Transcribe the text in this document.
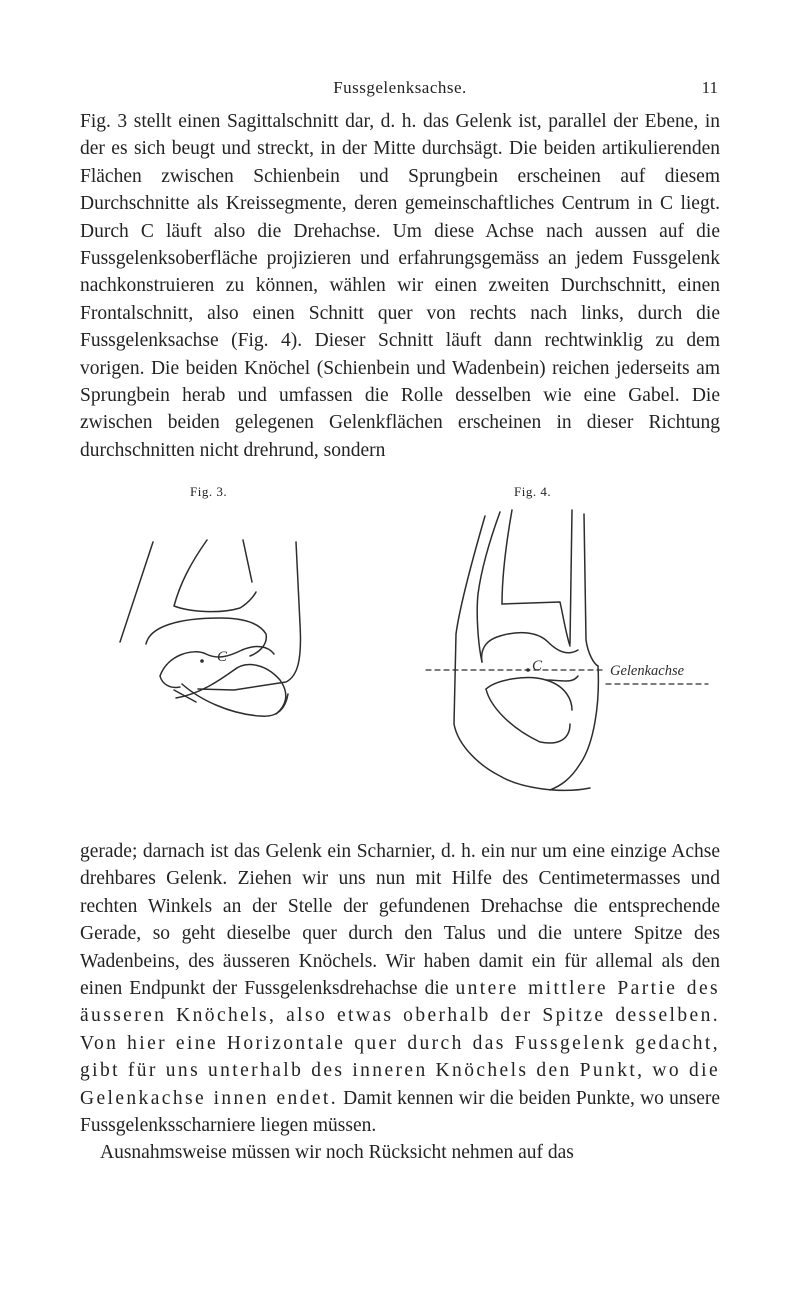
Fussgelenksachse.	11

Fig. 3 stellt einen Sagittalschnitt dar, d. h. das Gelenk ist, parallel der Ebene, in der es sich beugt und streckt, in der Mitte durchsägt. Die beiden artikulierenden Flächen zwischen Schienbein und Sprungbein erscheinen auf diesem Durchschnitte als Kreissegmente, deren gemeinschaftliches Centrum in C liegt. Durch C läuft also die Drehachse. Um diese Achse nach aussen auf die Fussgelenksoberfläche projizieren und erfahrungsgemäss an jedem Fussgelenk nachkonstruieren zu können, wählen wir einen zweiten Durchschnitt, einen Frontalschnitt, also einen Schnitt quer von rechts nach links, durch die Fussgelenksachse (Fig. 4). Dieser Schnitt läuft dann rechtwinklig zu dem vorigen. Die beiden Knöchel (Schienbein und Wadenbein) reichen jederseits am Sprungbein herab und umfassen die Rolle desselben wie eine Gabel. Die zwischen beiden gelegenen Gelenkflächen erscheinen in dieser Richtung durchschnitten nicht drehrund, sondern

Fig. 3.
C
Fig. 4.
C	Gelenkachse

gerade; darnach ist das Gelenk ein Scharnier, d. h. ein nur um eine einzige Achse drehbares Gelenk. Ziehen wir uns nun mit Hilfe des Centimetermasses und rechten Winkels an der Stelle der gefundenen Drehachse die entsprechende Gerade, so geht dieselbe quer durch den Talus und die untere Spitze des Wadenbeins, des äusseren Knöchels. Wir haben damit ein für allemal als den einen Endpunkt der Fussgelenksdrehachse die untere mittlere Partie des äusseren Knöchels, also etwas oberhalb der Spitze desselben. Von hier eine Horizontale quer durch das Fussgelenk gedacht, gibt für uns unterhalb des inneren Knöchels den Punkt, wo die Gelenkachse innen endet. Damit kennen wir die beiden Punkte, wo unsere Fussgelenksscharniere liegen müssen.
Ausnahmsweise müssen wir noch Rücksicht nehmen auf das
